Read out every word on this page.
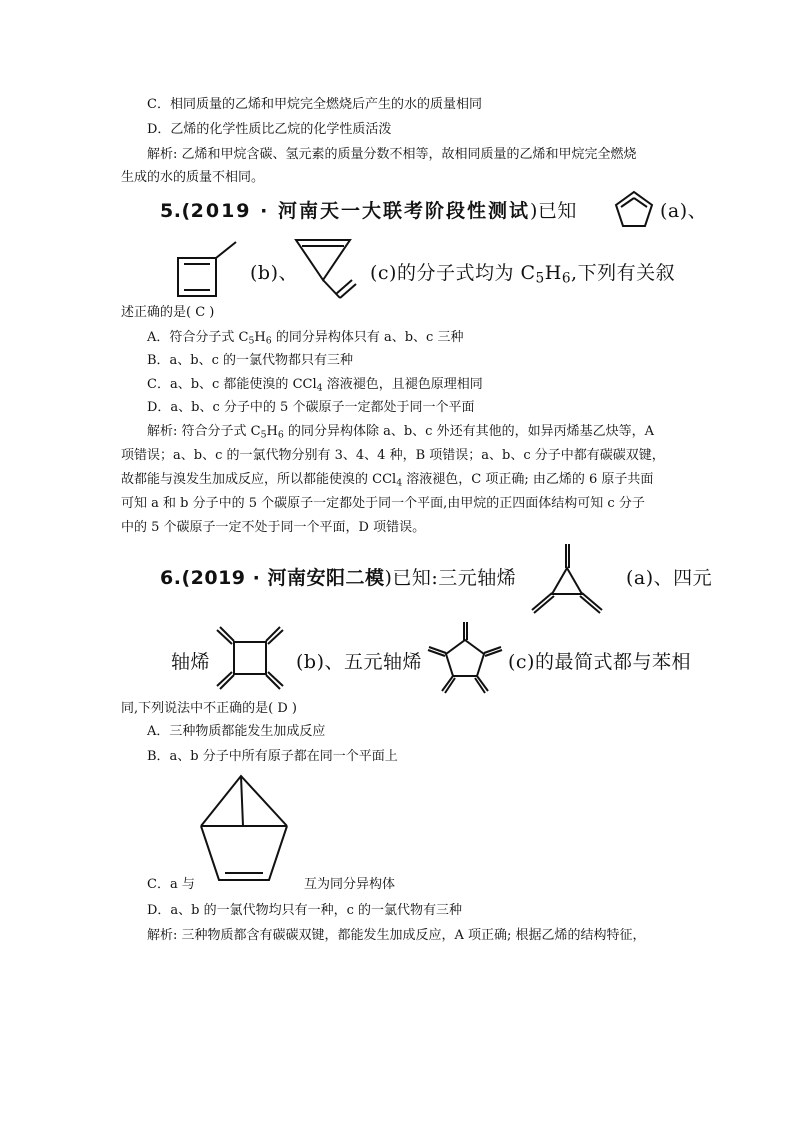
C．相同质量的乙烯和甲烷完全燃烧后产生的水的质量相同
D．乙烯的化学性质比乙烷的化学性质活泼
解析: 乙烯和甲烷含碳、氢元素的质量分数不相等，故相同质量的乙烯和甲烷完全燃烧
生成的水的质量不相同。
5.(2019 · 河南天一大联考阶段性测试)已知	(a)、
(b)、	(c)的分子式均为 $C_5H_6$,下列有关叙
述正确的是( C )
A．符合分子式 $C_5H_6$ 的同分异构体只有 a、b、c 三种
B．a、b、c 的一氯代物都只有三种
C．a、b、c 都能使溴的 CCl$_4$ 溶液褪色，且褪色原理相同
D．a、b、c 分子中的 5 个碳原子一定都处于同一个平面
解析: 符合分子式 $C_5H_6$ 的同分异构体除 a、b、c 外还有其他的，如异丙烯基乙炔等，A
项错误；a、b、c 的一氯代物分别有 3、4、4 种，B 项错误；a、b、c 分子中都有碳碳双键，
故都能与溴发生加成反应，所以都能使溴的 CCl$_4$ 溶液褪色，C 项正确; 由乙烯的 6 原子共面
可知 a 和 b 分子中的 5 个碳原子一定都处于同一个平面,由甲烷的正四面体结构可知 c 分子
中的 5 个碳原子一定不处于同一个平面，D 项错误。
6.(2019 · 河南安阳二模)已知:三元轴烯	(a)、四元
轴烯	(b)、五元轴烯	(c)的最简式都与苯相
同,下列说法中不正确的是( D )
A．三种物质都能发生加成反应
B．a、b 分子中所有原子都在同一个平面上
C．a 与	互为同分异构体
D．a、b 的一氯代物均只有一种，c 的一氯代物有三种
解析: 三种物质都含有碳碳双键，都能发生加成反应，A 项正确; 根据乙烯的结构特征，
